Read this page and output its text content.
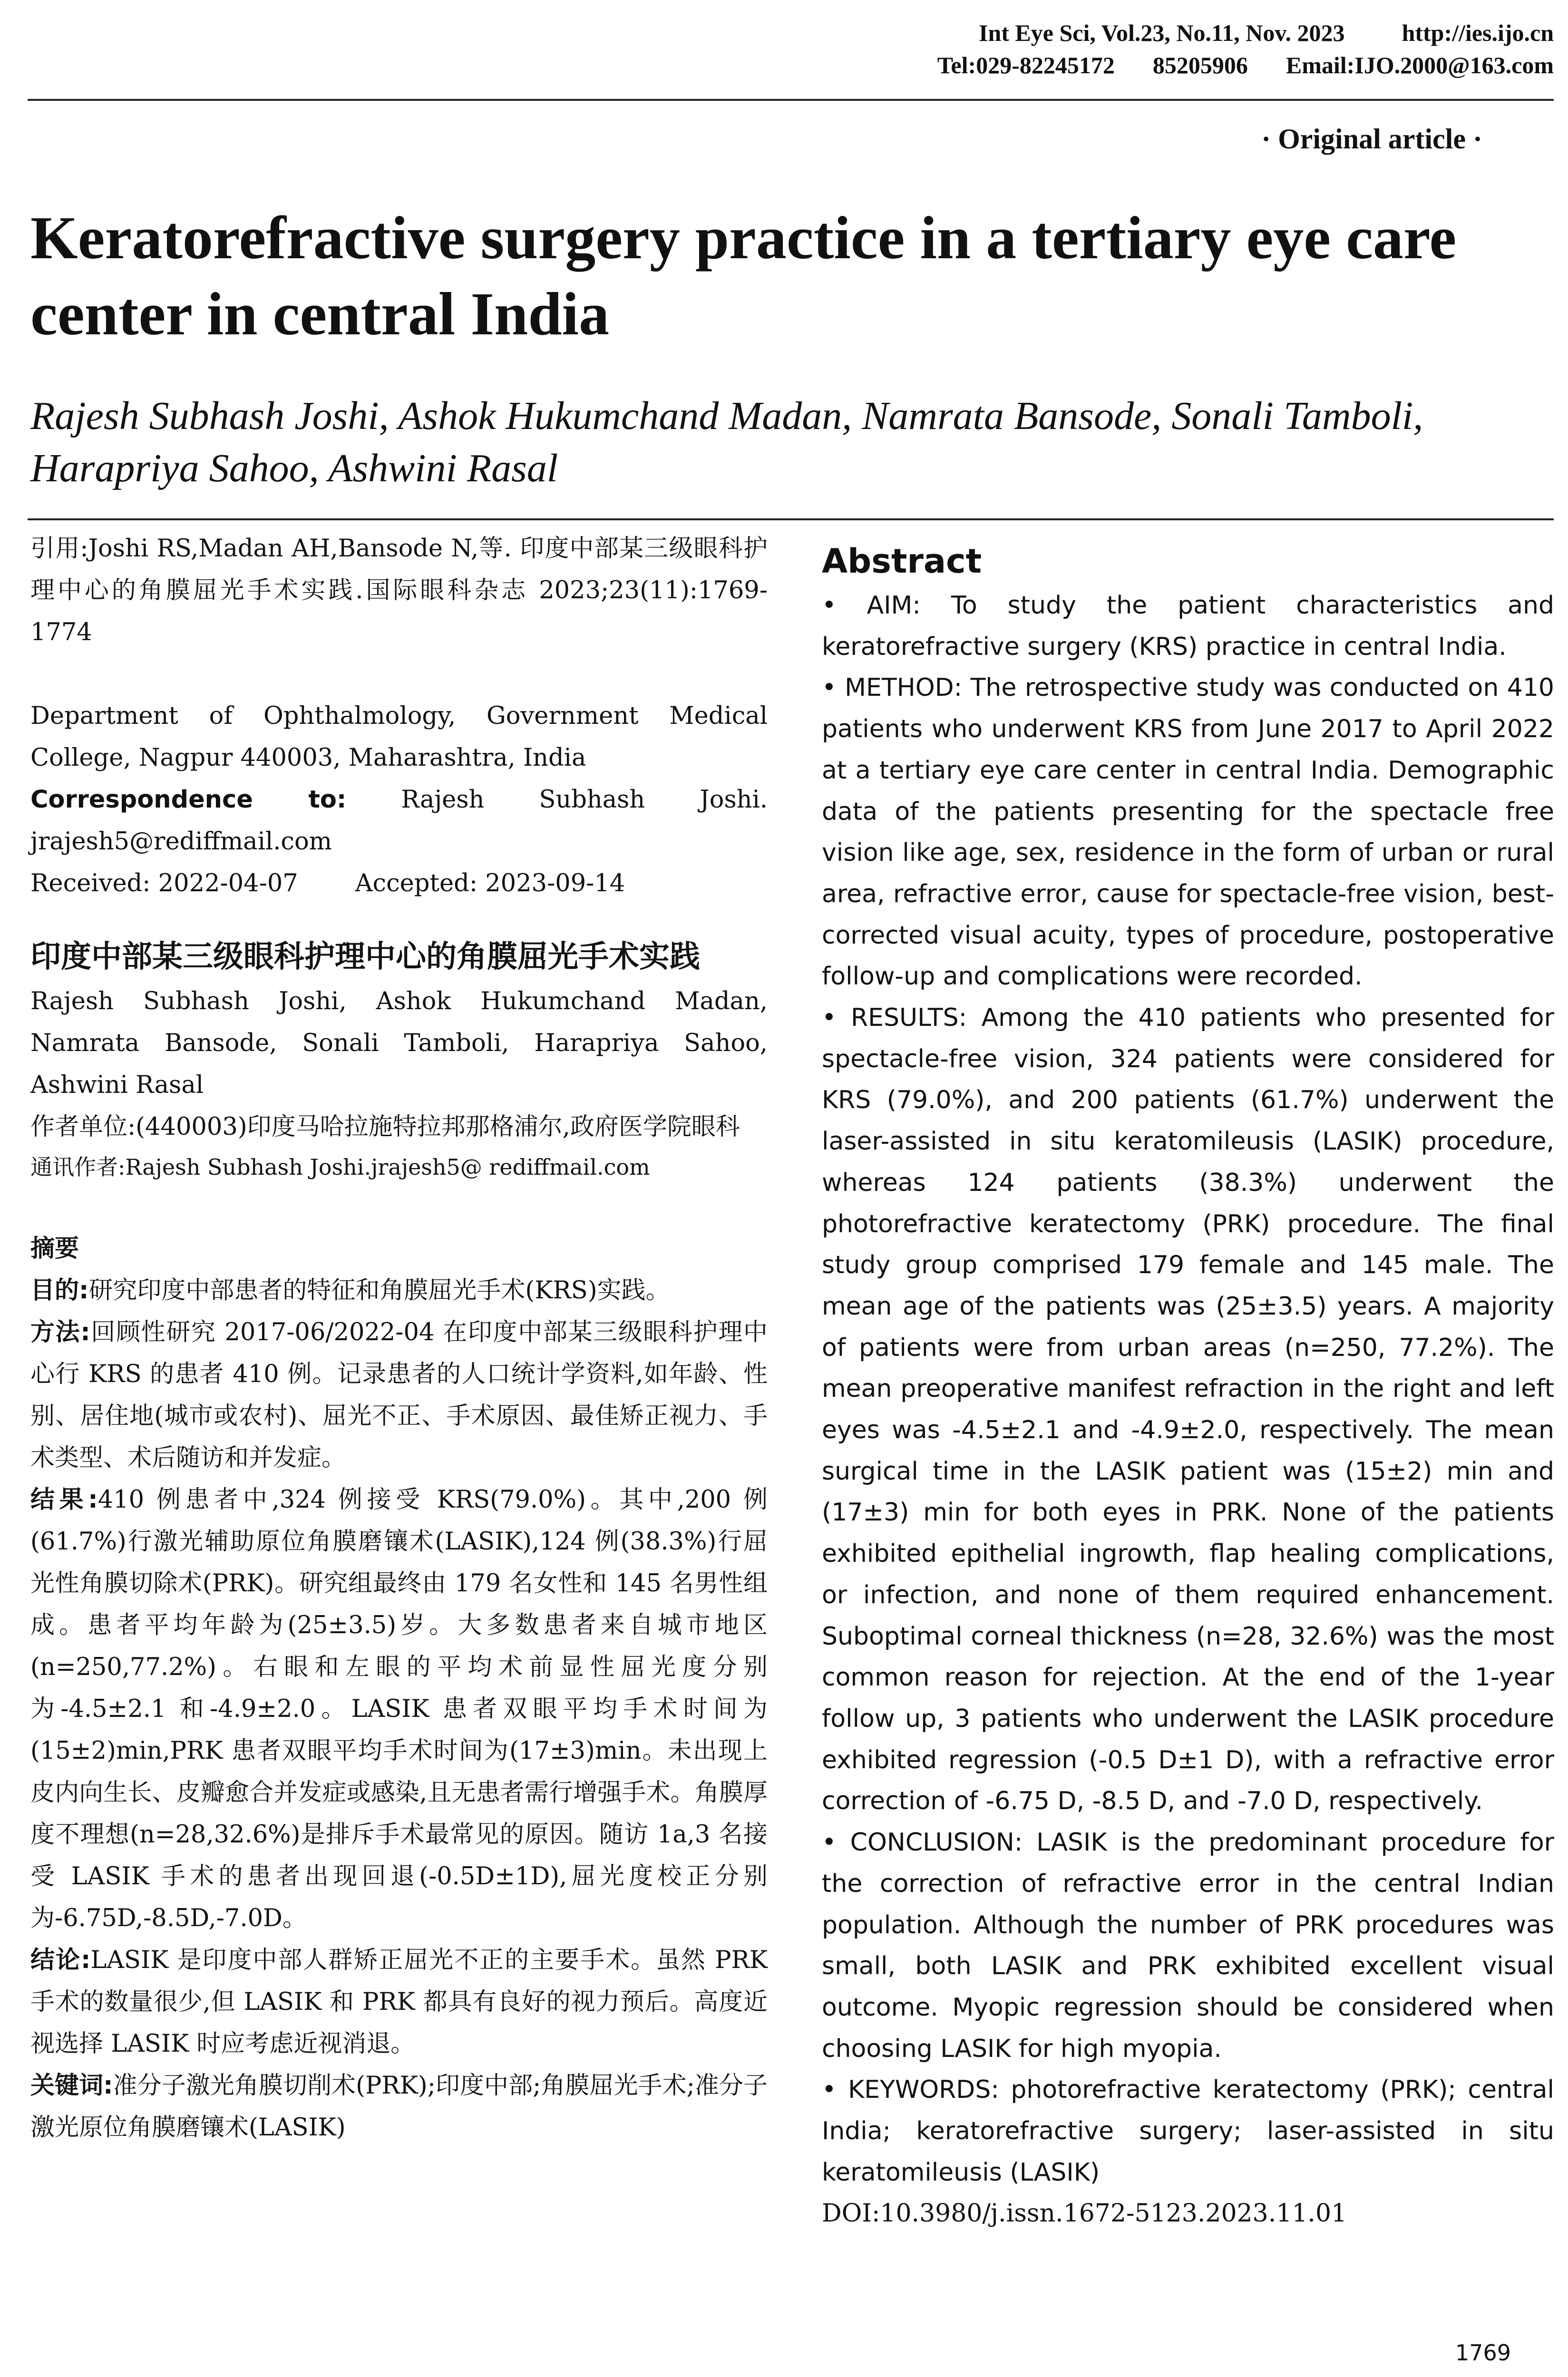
Int Eye Sci, Vol.23, No.11, Nov. 2023 http://ies.ijo.cn
Tel:029-82245172 85205906 Email:IJO.2000@163.com
· Original article ·
Keratorefractive surgery practice in a tertiary eye care center in central India
Rajesh Subhash Joshi, Ashok Hukumchand Madan, Namrata Bansode, Sonali Tamboli, Harapriya Sahoo, Ashwini Rasal

引用:Joshi RS,Madan AH,Bansode N,等. 印度中部某三级眼科护理中心的角膜屈光手术实践.国际眼科杂志 2023;23(11):1769-1774

Department of Ophthalmology, Government Medical College, Nagpur 440003, Maharashtra, India

Correspondence to: Rajesh Subhash Joshi. jrajesh5@rediffmail.com

Received: 2022-04-07 Accepted: 2023-09-14

印度中部某三级眼科护理中心的角膜屈光手术实践

Rajesh Subhash Joshi, Ashok Hukumchand Madan, Namrata Bansode, Sonali Tamboli, Harapriya Sahoo, Ashwini Rasal

作者单位:(440003)印度马哈拉施特拉邦那格浦尔,政府医学院眼科

通讯作者:Rajesh Subhash Joshi.jrajesh5@ rediffmail.com

摘要

目的:研究印度中部患者的特征和角膜屈光手术(KRS)实践。

方法:回顾性研究 2017-06/2022-04 在印度中部某三级眼科护理中心行 KRS 的患者 410 例。记录患者的人口统计学资料,如年龄、性别、居住地(城市或农村)、屈光不正、手术原因、最佳矫正视力、手术类型、术后随访和并发症。

结果:410 例患者中,324 例接受 KRS(79.0%)。其中,200 例(61.7%)行激光辅助原位角膜磨镶术(LASIK),124 例(38.3%)行屈光性角膜切除术(PRK)。研究组最终由 179 名女性和 145 名男性组成。患者平均年龄为(25±3.5)岁。大多数患者来自城市地区(n=250,77.2%)。右眼和左眼的平均术前显性屈光度分别为-4.5±2.1 和-4.9±2.0。LASIK 患者双眼平均手术时间为(15±2)min,PRK 患者双眼平均手术时间为(17±3)min。未出现上皮内向生长、皮瓣愈合并发症或感染,且无患者需行增强手术。角膜厚度不理想(n=28,32.6%)是排斥手术最常见的原因。随访 1a,3 名接受 LASIK 手术的患者出现回退(-0.5D±1D),屈光度校正分别为-6.75D,-8.5D,-7.0D。

结论:LASIK 是印度中部人群矫正屈光不正的主要手术。虽然 PRK 手术的数量很少,但 LASIK 和 PRK 都具有良好的视力预后。高度近视选择 LASIK 时应考虑近视消退。

关键词:准分子激光角膜切削术(PRK);印度中部;角膜屈光手术;准分子激光原位角膜磨镶术(LASIK)

Abstract

• AIM: To study the patient characteristics and keratorefractive surgery (KRS) practice in central India.

• METHOD: The retrospective study was conducted on 410 patients who underwent KRS from June 2017 to April 2022 at a tertiary eye care center in central India. Demographic data of the patients presenting for the spectacle free vision like age, sex, residence in the form of urban or rural area, refractive error, cause for spectacle-free vision, best-corrected visual acuity, types of procedure, postoperative follow-up and complications were recorded.

• RESULTS: Among the 410 patients who presented for spectacle-free vision, 324 patients were considered for KRS (79.0%), and 200 patients (61.7%) underwent the laser-assisted in situ keratomileusis (LASIK) procedure, whereas 124 patients (38.3%) underwent the photorefractive keratectomy (PRK) procedure. The final study group comprised 179 female and 145 male. The mean age of the patients was (25±3.5) years. A majority of patients were from urban areas (n=250, 77.2%). The mean preoperative manifest refraction in the right and left eyes was -4.5±2.1 and -4.9±2.0, respectively. The mean surgical time in the LASIK patient was (15±2) min and (17±3) min for both eyes in PRK. None of the patients exhibited epithelial ingrowth, flap healing complications, or infection, and none of them required enhancement. Suboptimal corneal thickness (n=28, 32.6%) was the most common reason for rejection. At the end of the 1-year follow up, 3 patients who underwent the LASIK procedure exhibited regression (-0.5 D±1 D), with a refractive error correction of -6.75 D, -8.5 D, and -7.0 D, respectively.

• CONCLUSION: LASIK is the predominant procedure for the correction of refractive error in the central Indian population. Although the number of PRK procedures was small, both LASIK and PRK exhibited excellent visual outcome. Myopic regression should be considered when choosing LASIK for high myopia.

• KEYWORDS: photorefractive keratectomy (PRK); central India; keratorefractive surgery; laser-assisted in situ keratomileusis (LASIK)

DOI:10.3980/j.issn.1672-5123.2023.11.01

1769
